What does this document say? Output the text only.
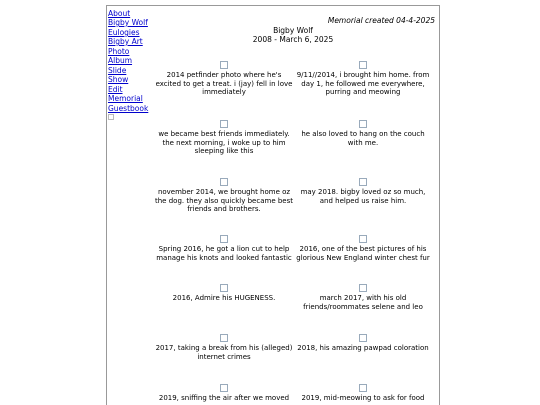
About
Bigby Wolf
Eulogies
Bigby Art
Photo
Album
Slide
Show
Edit
Memorial
Guestbook
Memorial created 04-4-2025
Bigby Wolf
2008 - March 6, 2025
2014 petfinder photo where he's excited to get a treat. i (jay) fell in love immediately
9/11//2014, i brought him home. from day 1, he followed me everywhere, purring and meowing
we became best friends immediately. the next morning, i woke up to him sleeping like this
he also loved to hang on the couch with me.
november 2014, we brought home oz the dog. they also quickly became best friends and brothers.
may 2018. bigby loved oz so much, and helped us raise him.
Spring 2016, he got a lion cut to help manage his knots and looked fantastic
2016, one of the best pictures of his glorious New England winter chest fur
2016, Admire his HUGENESS.	march 2017, with his old friends/roommates selene and leo
2017, taking a break from his (alleged) internet crimes
2018, his amazing pawpad coloration
2019, sniffing the air after we moved	2019, mid-meowing to ask for food
